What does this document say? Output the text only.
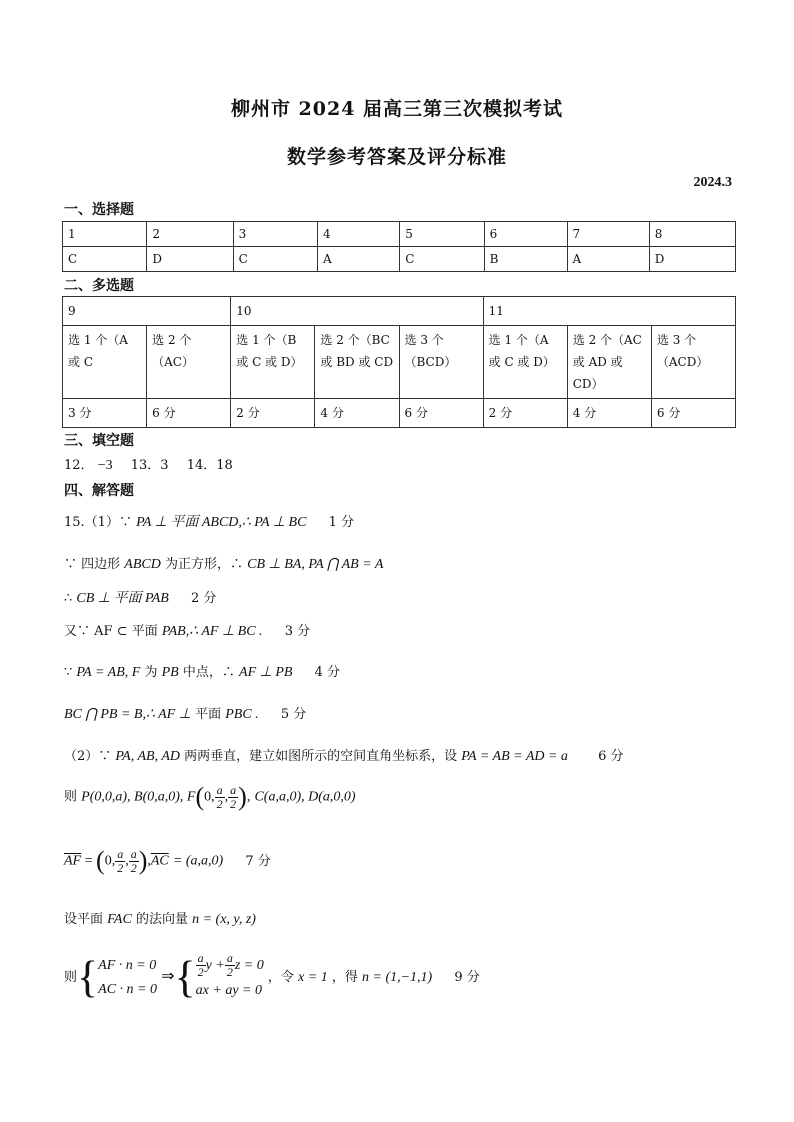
柳州市 2024 届高三第三次模拟考试
数学参考答案及评分标准
2024.3
一、选择题
1	2	3	4	5	6	7	8
C	D	C	A	C	B	A	D
二、多选题
9		10			11		
选 1 个（A 或 C	选 2 个（AC）	选 1 个（B 或 C 或 D）	选 2 个（BC 或 BD 或 CD	选 3 个（BCD）	选 1 个（A 或 C 或 D）	选 2 个（AC 或 AD 或 CD）	选 3 个（ACD）
3 分	6 分	2 分	4 分	6 分	2 分	4 分	6 分
三、填空题
12． −3 13．3 14．18
四、解答题
15.（1）∵ PA ⊥ 平面 ABCD,∴ PA ⊥ BC 1 分
∵ 四边形 ABCD 为正方形，∴ CB ⊥ BA, PA ⋂ AB = A
∴ CB ⊥ 平面 PAB 2 分
又∵ AF ⊂ 平面 PAB,∴ AF ⊥ BC . 3 分
∵ PA = AB, F 为 PB 中点，∴ AF ⊥ PB 4 分
BC ⋂ PB = B,∴ AF ⊥ 平面 PBC . 5 分
（2）∵ PA, AB, AD 两两垂直，建立如图所示的空间直角坐标系，设 PA = AB = AD = a 6 分
则 P(0,0,a), B(0,a,0), F(0, $\frac{a}{2}$ , $\frac{a}{2}$ ), C(a,a,0), D(a,0,0)
$\overline{AF} = (0$, $\frac{a}{2}$ , $\frac{a}{2} ),\overline{AC} = (a,a,0)$ 7 分
设平面 FAC 的法向量 n = (x, y, z)
则{ AF · n = 0
AC · n = 0
⇒{ $\frac{a}{2}$ $y + \frac{a}{2}$ z = 0
ax + ay = 0
，令 x = 1 ，得 n = (1,−1,1) 9 分
